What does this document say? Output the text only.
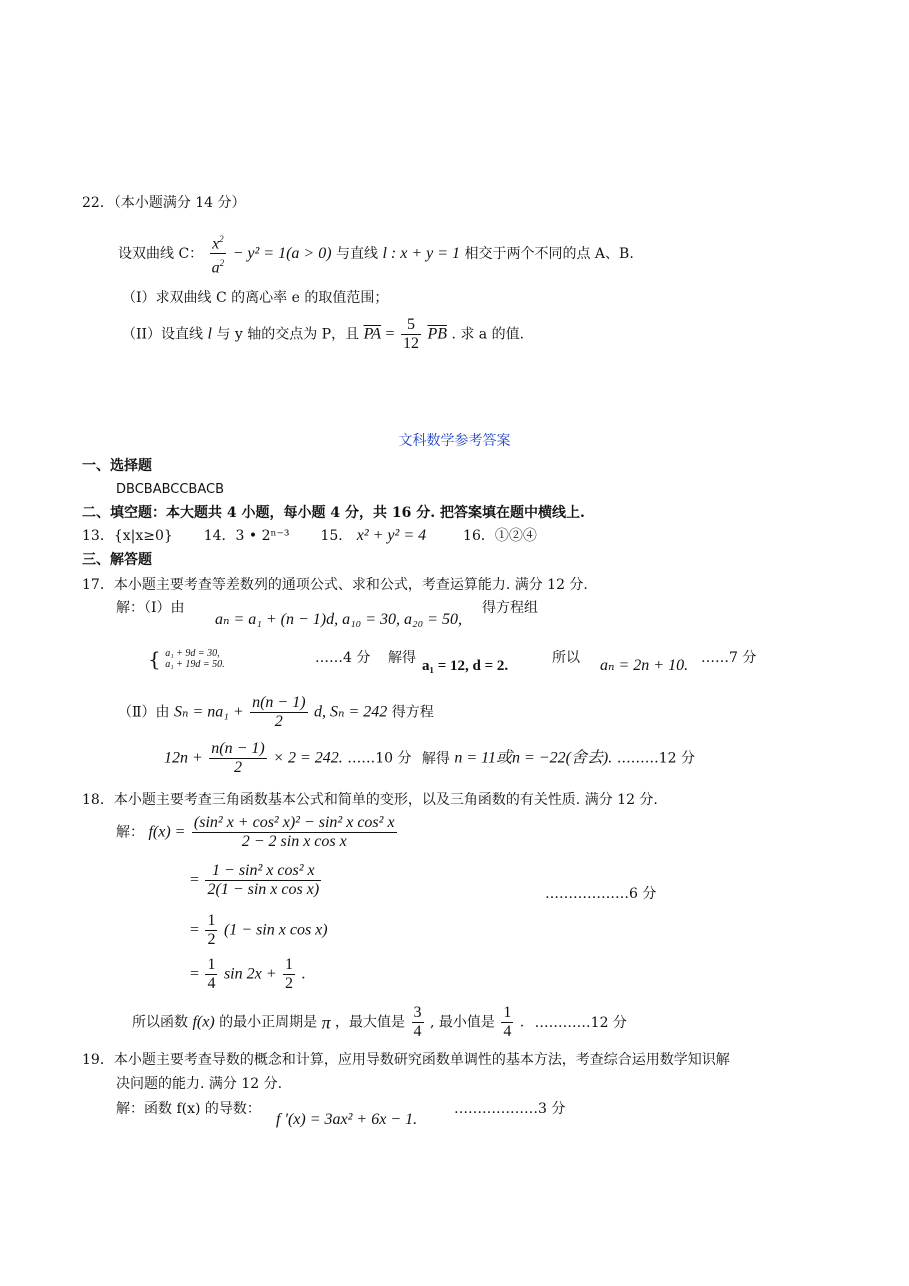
22．（本小题满分 14 分）
设双曲线 C： $\frac{x^2}{a^2} - y^2 = 1(a > 0)$ 与直线 l : x + y = 1 相交于两个不同的点 A、B.
（I）求双曲线 C 的离心率 e 的取值范围；
（II）设直线 l 与 y 轴的交点为 P，且 $\overline{PA} = \frac{5}{12} \overline{PB}$ . 求 a 的值.
文科数学参考答案
一、选择题
DBCBABCCBACB
二、填空题：本大题共 4 小题，每小题 4 分，共 16 分. 把答案填在题中横线上.
13．{x|x≥0} 14．3 • 2ⁿ⁻³ 15． x² + y² = 4	16．①②④
三、解答题
17．本小题主要考查等差数列的通项公式、求和公式，考查运算能力. 满分 12 分.
解：（Ⅰ）由
aₙ = a₁ + (n − 1)d, a₁₀ = 30, a₂₀ = 50,
得方程组
{ a₁ + 9d = 30,
a₁ + 19d = 50.	……4 分 解得 a₁ = 12, d = 2.	所以 aₙ = 2n + 10. ……7 分
（Ⅱ）由 $S_n = na_1 + \frac{n(n - 1)}{2} d$, Sₙ = 242 得方程
$12n + \frac{n(n - 1)}{2} \times 2 = 242$. ……10 分 解得 n = 11或n = −22(舍去). ………12 分
18．本小题主要考查三角函数基本公式和简单的变形，以及三角函数的有关性质. 满分 12 分.
解： $f(x) = \frac{\text{(sin² x + cos² x)² − sin² x cos² x}}{\text{2 − 2 sin x cos x}}$
= $\frac{\text{1 − sin² x cos² x}}{\text{2(1 − sin x cos x)}}$	………………6 分
= $\frac{1}{2} (1 - \sin x$ cos x)
= $\frac{1}{4}$ $\sin 2x + \frac{1}{2}$ .
所以函数 f(x) 的最小正周期是 π ，最大值是 $\frac{3}{4}$ , 最小值是 $\frac{1}{4}$ . …………12 分
19．本小题主要考查导数的概念和计算，应用导数研究函数单调性的基本方法，考查综合运用数学知识解
决问题的能力. 满分 12 分.
解：函数 f(x) 的导数：
f ′(x) = 3ax² + 6x − 1.
………………3 分
